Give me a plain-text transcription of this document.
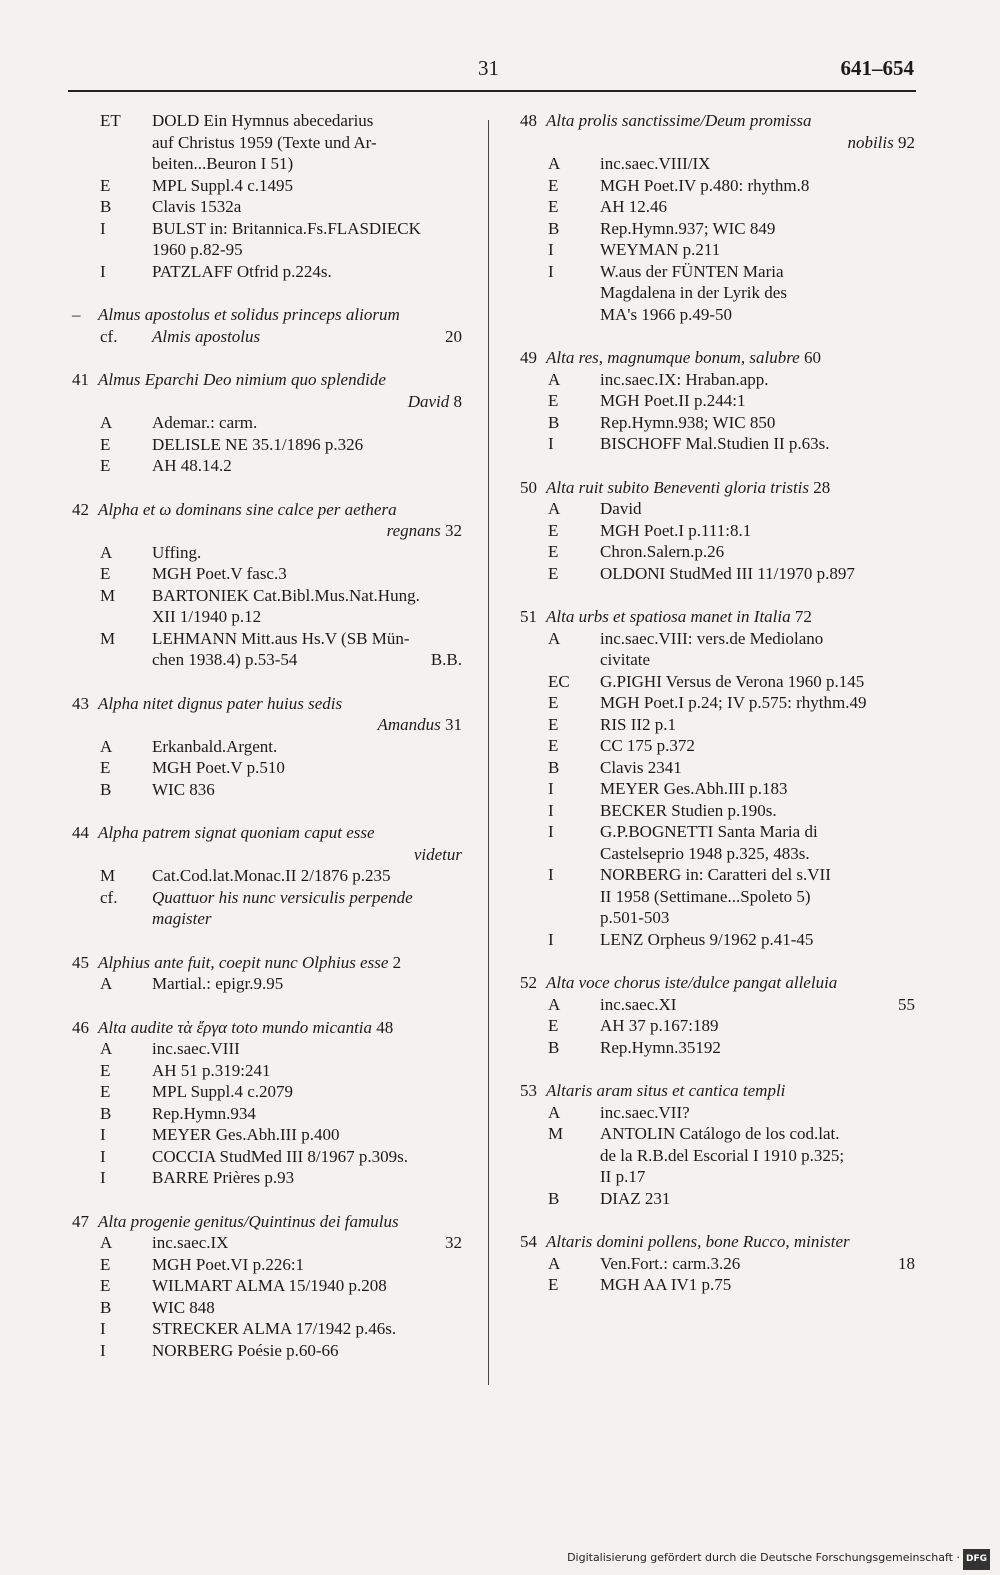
31	641–654
ET	DOLD Ein Hymnus abecedarius
auf Christus 1959 (Texte und Ar-
beiten...Beuron I 51)
E	MPL Suppl.4 c.1495
B	Clavis 1532a
I	BULST in: Britannica.Fs.FLASDIECK
1960 p.82-95
I	PATZLAFF Otfrid p.224s.
– Almus apostolus et solidus princeps aliorum
cf.	Almis apostolus	20
41 Almus Eparchi Deo nimium quo splendide
David 8
A	Ademar.: carm.
E	DELISLE NE 35.1/1896 p.326
E	AH 48.14.2
42 Alpha et ω dominans sine calce per aethera
regnans 32
A	Uffing.
E	MGH Poet.V fasc.3
M	BARTONIEK Cat.Bibl.Mus.Nat.Hung.
XII 1/1940 p.12
M	LEHMANN Mitt.aus Hs.V (SB Mün-
chen 1938.4) p.53-54	B.B.
43 Alpha nitet dignus pater huius sedis
Amandus 31
A	Erkanbald.Argent.
E	MGH Poet.V p.510
B	WIC 836
44 Alpha patrem signat quoniam caput esse
videtur
M	Cat.Cod.lat.Monac.II 2/1876 p.235
cf.	Quattuor his nunc versiculis perpende
magister
45 Alphius ante fuit, coepit nunc Olphius esse 2
A	Martial.: epigr.9.95
46 Alta audite τὰ ἔργα toto mundo micantia 48
A	inc.saec.VIII
E	AH 51 p.319:241
E	MPL Suppl.4 c.2079
B	Rep.Hymn.934
I	MEYER Ges.Abh.III p.400
I	COCCIA StudMed III 8/1967 p.309s.
I	BARRE Prières p.93
47 Alta progenie genitus/Quintinus dei famulus
A	inc.saec.IX	32
E	MGH Poet.VI p.226:1
E	WILMART ALMA 15/1940 p.208
B	WIC 848
I	STRECKER ALMA 17/1942 p.46s.
I	NORBERG Poésie p.60-66
48 Alta prolis sanctissime/Deum promissa
nobilis 92
A	inc.saec.VIII/IX
E	MGH Poet.IV p.480: rhythm.8
E	AH 12.46
B	Rep.Hymn.937; WIC 849
I	WEYMAN p.211
I	W.aus der FÜNTEN Maria
Magdalena in der Lyrik des
MA's 1966 p.49-50
49 Alta res, magnumque bonum, salubre 60
A	inc.saec.IX: Hraban.app.
E	MGH Poet.II p.244:1
B	Rep.Hymn.938; WIC 850
I	BISCHOFF Mal.Studien II p.63s.
50 Alta ruit subito Beneventi gloria tristis 28
A	David
E	MGH Poet.I p.111:8.1
E	Chron.Salern.p.26
E	OLDONI StudMed III 11/1970 p.897
51 Alta urbs et spatiosa manet in Italia 72
A	inc.saec.VIII: vers.de Mediolano
civitate
EC	G.PIGHI Versus de Verona 1960 p.145
E	MGH Poet.I p.24; IV p.575: rhythm.49
E	RIS II2 p.1
E	CC 175 p.372
B	Clavis 2341
I	MEYER Ges.Abh.III p.183
I	BECKER Studien p.190s.
I	G.P.BOGNETTI Santa Maria di
Castelseprio 1948 p.325, 483s.
I	NORBERG in: Caratteri del s.VII
II 1958 (Settimane...Spoleto 5)
p.501-503
I	LENZ Orpheus 9/1962 p.41-45
52 Alta voce chorus iste/dulce pangat alleluia
A	inc.saec.XI	55
E	AH 37 p.167:189
B	Rep.Hymn.35192
53 Altaris aram situs et cantica templi
A	inc.saec.VII?
M	ANTOLIN Catálogo de los cod.lat.
de la R.B.del Escorial I 1910 p.325;
II p.17
B	DIAZ 231
54 Altaris domini pollens, bone Rucco, minister
A	Ven.Fort.: carm.3.26	18
E	MGH AA IV1 p.75
Digitalisierung gefördert durch die Deutsche Forschungsgemeinschaft · DFG
